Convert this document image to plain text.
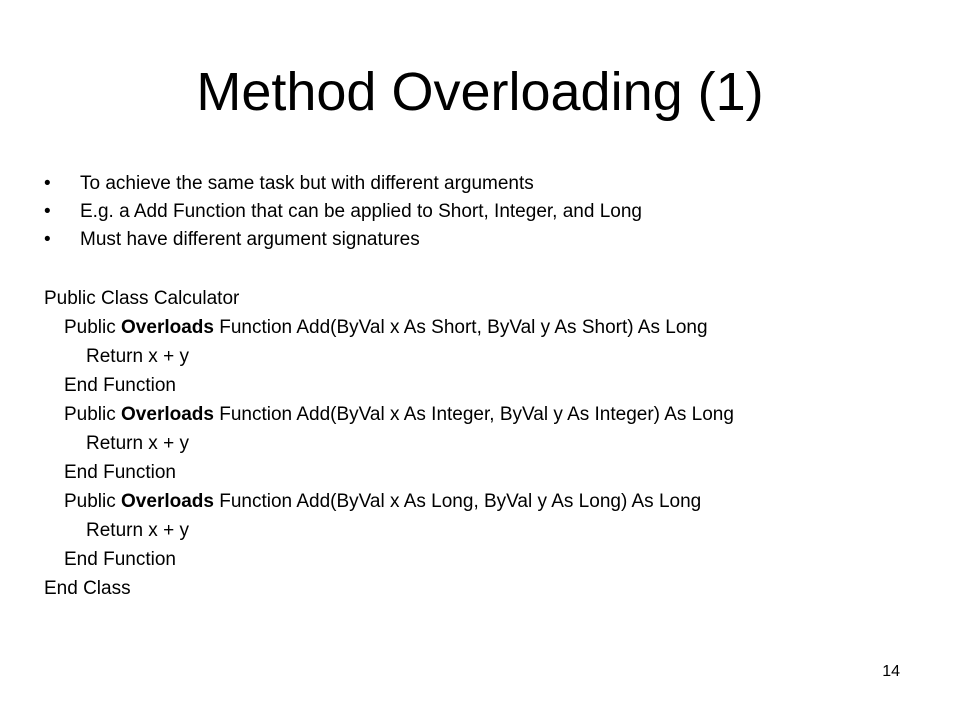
Method Overloading (1)
•	To achieve the same task but with different arguments
•	E.g. a Add Function that can be applied to Short, Integer, and Long
•	Must have different argument signatures
Public Class Calculator
Public Overloads Function Add(ByVal x As Short, ByVal y As Short) As Long
Return x + y
End Function
Public Overloads Function Add(ByVal x As Integer, ByVal y As Integer) As Long
Return x + y
End Function
Public Overloads Function Add(ByVal x As Long, ByVal y As Long) As Long
Return x + y
End Function
End Class
14
